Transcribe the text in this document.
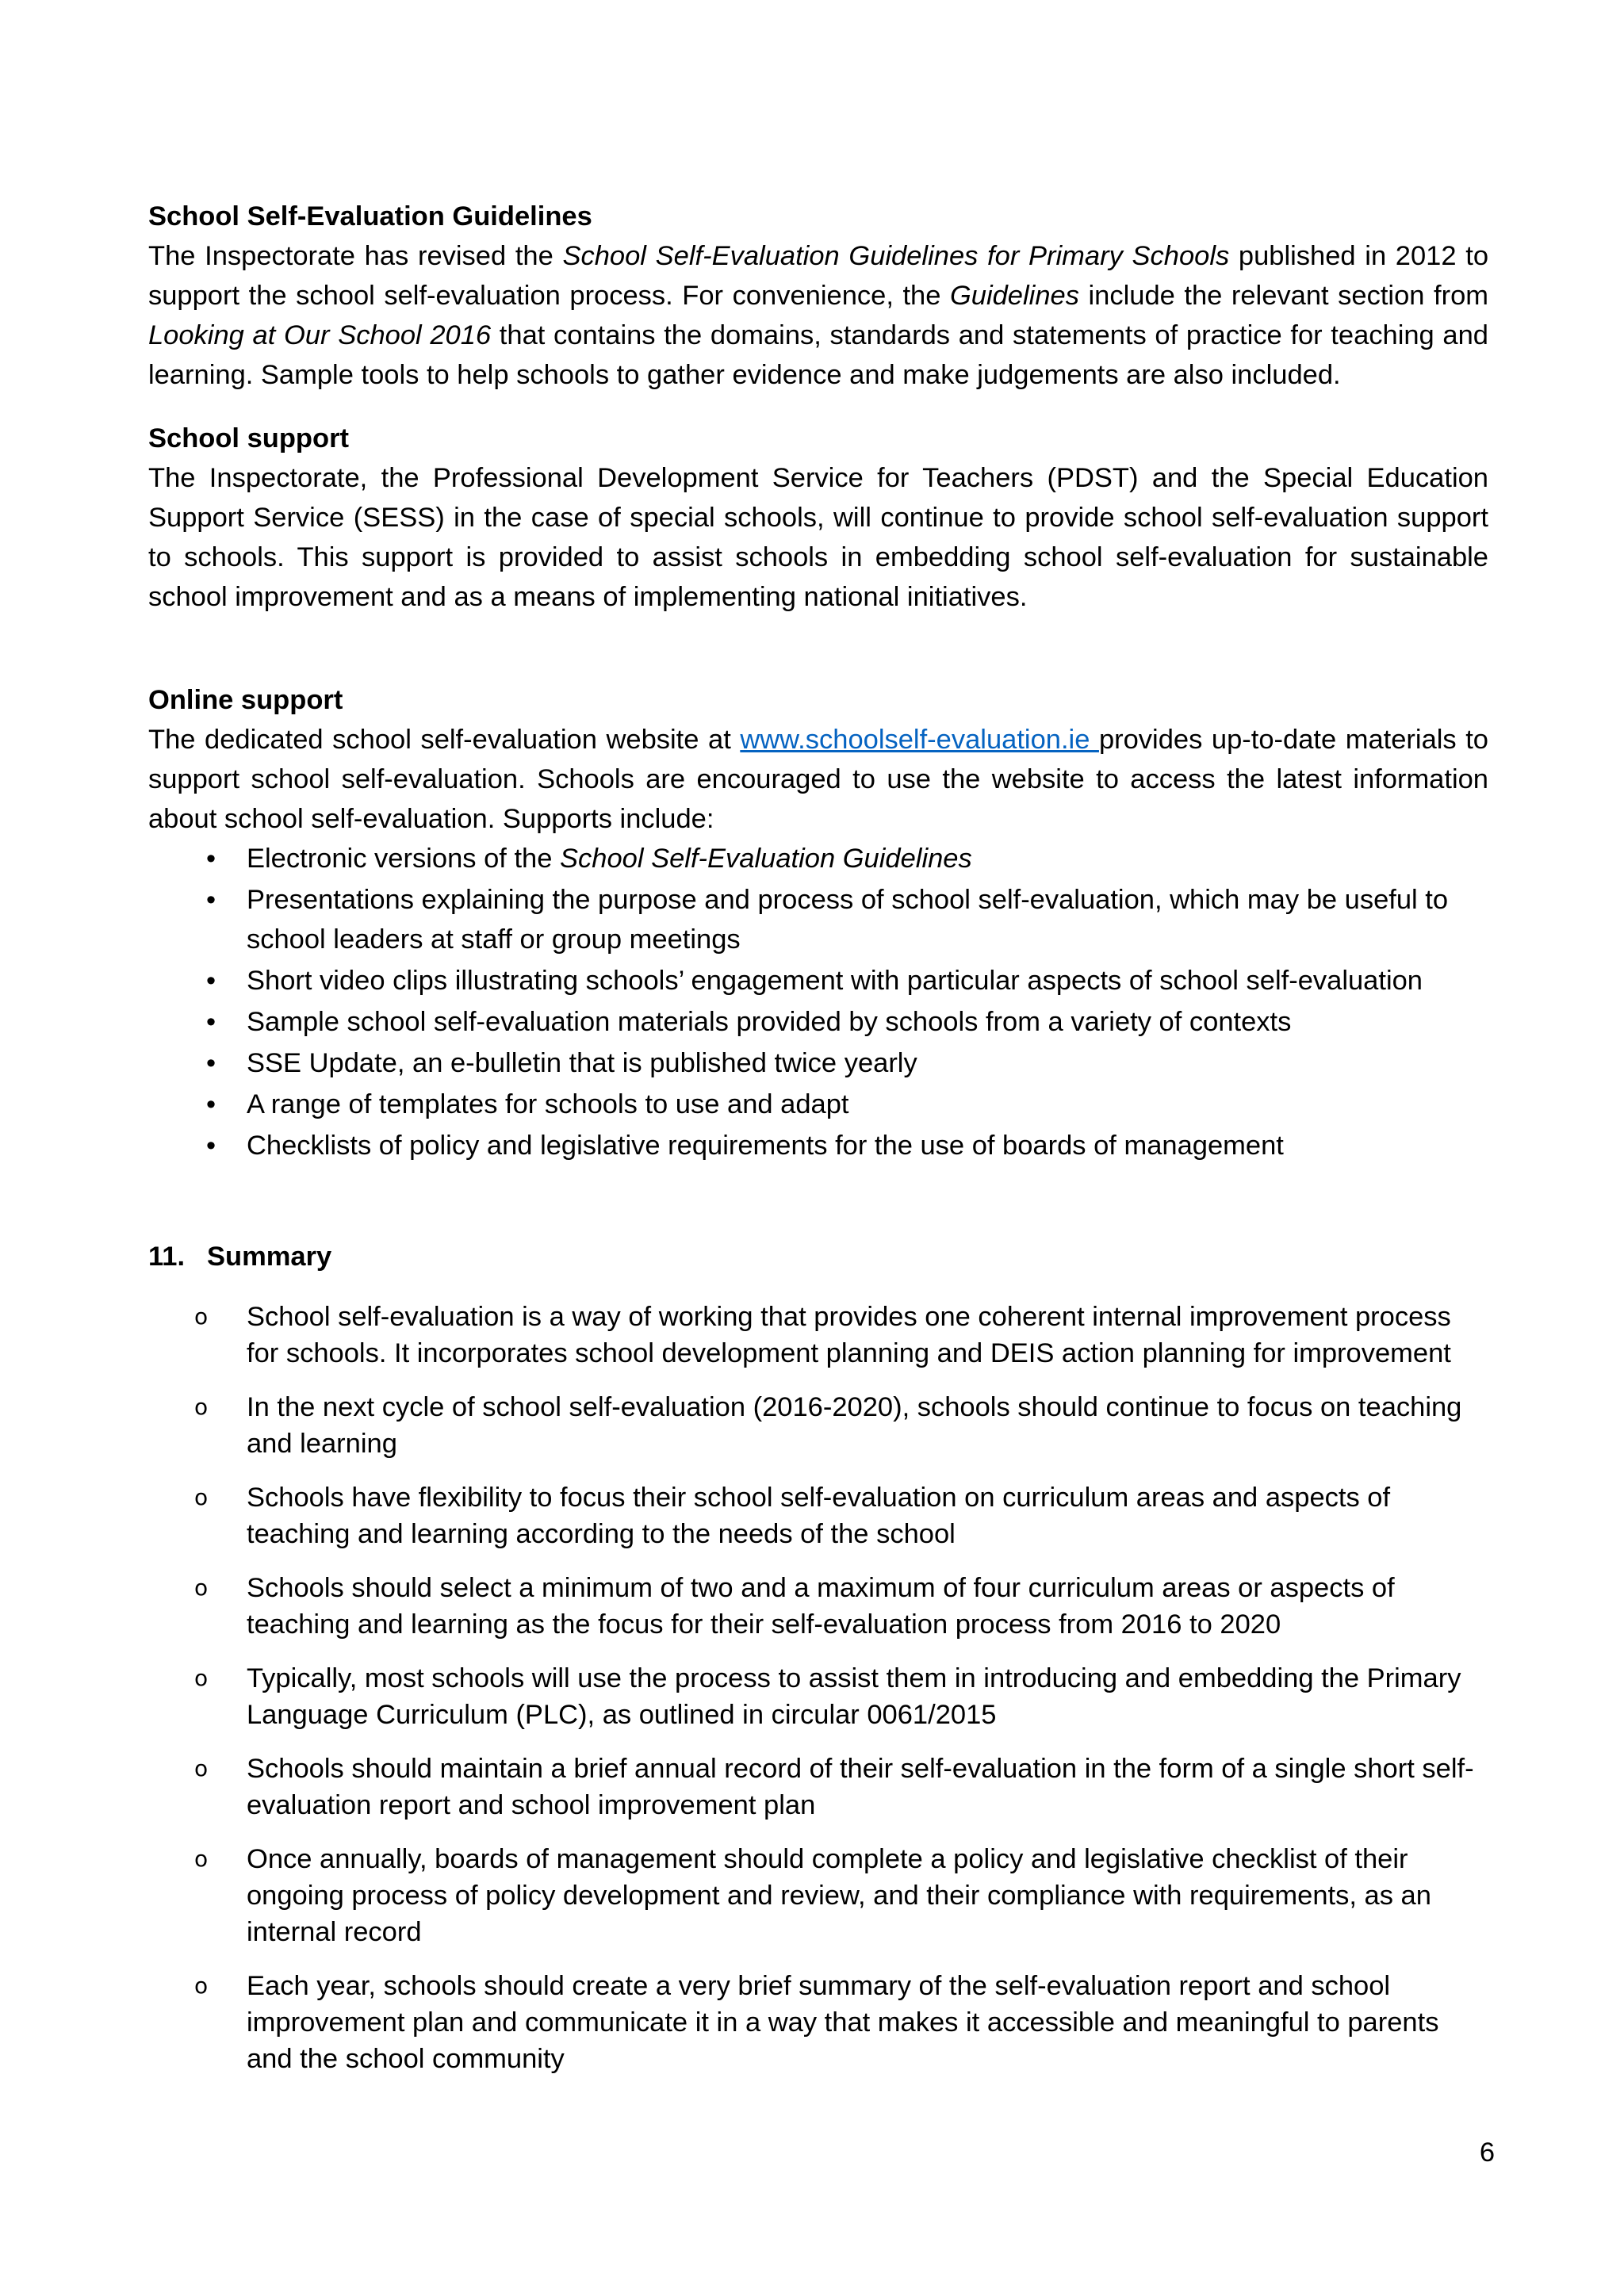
School Self-Evaluation Guidelines

The Inspectorate has revised the School Self-Evaluation Guidelines for Primary Schools published in 2012 to support the school self-evaluation process. For convenience, the Guidelines include the relevant section from Looking at Our School 2016 that contains the domains, standards and statements of practice for teaching and learning. Sample tools to help schools to gather evidence and make judgements are also included.

School support

The Inspectorate, the Professional Development Service for Teachers (PDST) and the Special Education Support Service (SESS) in the case of special schools, will continue to provide school self-evaluation support to schools. This support is provided to assist schools in embedding school self-evaluation for sustainable school improvement and as a means of implementing national initiatives.

Online support

The dedicated school self-evaluation website at www.schoolself-evaluation.ie provides up-to-date materials to support school self-evaluation. Schools are encouraged to use the website to access the latest information about school self-evaluation. Supports include:

• Electronic versions of the School Self-Evaluation Guidelines
• Presentations explaining the purpose and process of school self-evaluation, which may be useful to school leaders at staff or group meetings
• Short video clips illustrating schools’ engagement with particular aspects of school self-evaluation
• Sample school self-evaluation materials provided by schools from a variety of contexts
• SSE Update, an e-bulletin that is published twice yearly
• A range of templates for schools to use and adapt
• Checklists of policy and legislative requirements for the use of boards of management

11. Summary

o School self-evaluation is a way of working that provides one coherent internal improvement process for schools. It incorporates school development planning and DEIS action planning for improvement
o In the next cycle of school self-evaluation (2016-2020), schools should continue to focus on teaching and learning
o Schools have flexibility to focus their school self-evaluation on curriculum areas and aspects of teaching and learning according to the needs of the school
o Schools should select a minimum of two and a maximum of four curriculum areas or aspects of teaching and learning as the focus for their self-evaluation process from 2016 to 2020
o Typically, most schools will use the process to assist them in introducing and embedding the Primary Language Curriculum (PLC), as outlined in circular 0061/2015
o Schools should maintain a brief annual record of their self-evaluation in the form of a single short self-evaluation report and school improvement plan
o Once annually, boards of management should complete a policy and legislative checklist of their ongoing process of policy development and review, and their compliance with requirements, as an internal record
o Each year, schools should create a very brief summary of the self-evaluation report and school improvement plan and communicate it in a way that makes it accessible and meaningful to parents and the school community
6
